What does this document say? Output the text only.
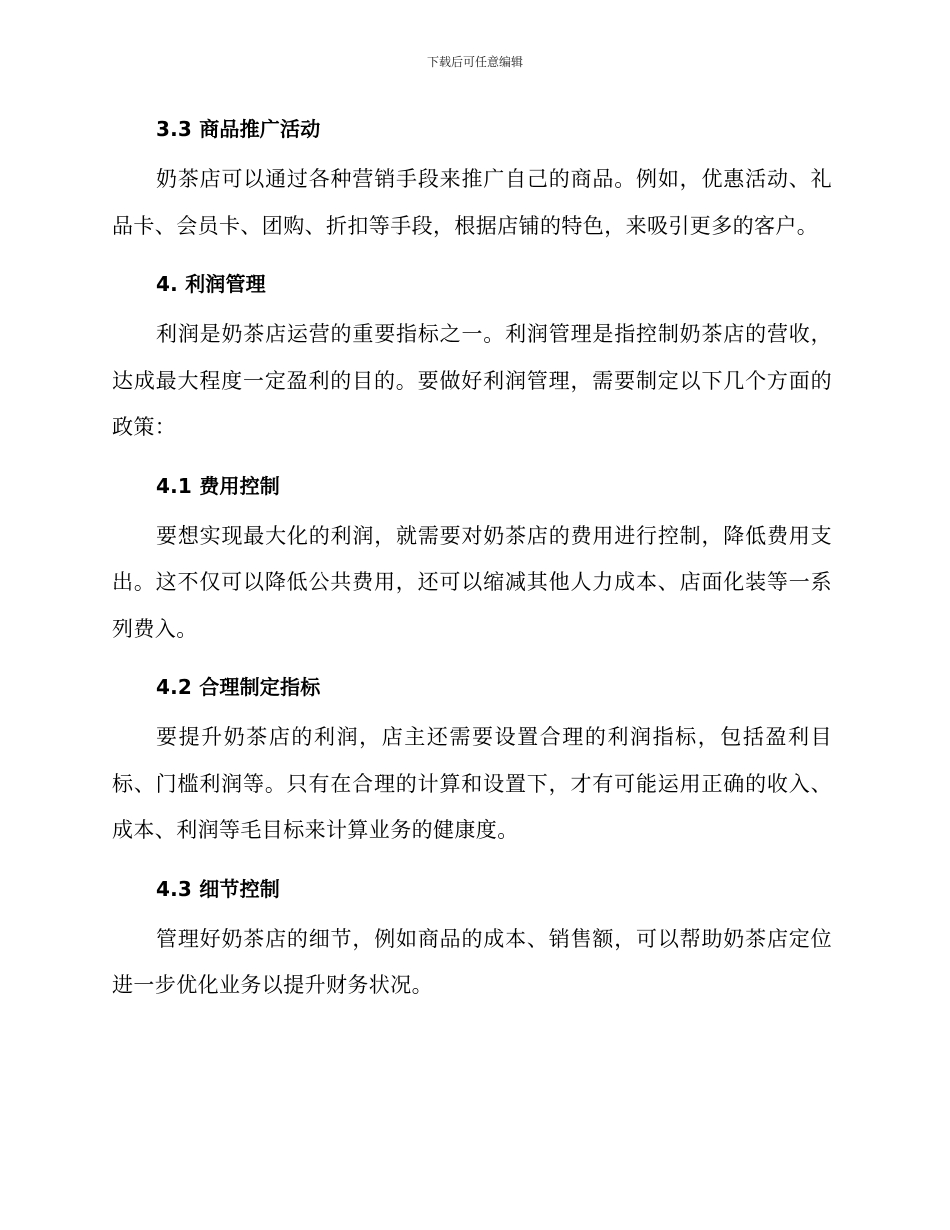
下载后可任意编辑
3.3 商品推广活动

奶茶店可以通过各种营销手段来推广自己的商品。例如，优惠活动、礼品卡、会员卡、团购、折扣等手段，根据店铺的特色，来吸引更多的客户。

4. 利润管理

利润是奶茶店运营的重要指标之一。利润管理是指控制奶茶店的营收，达成最大程度一定盈利的目的。要做好利润管理，需要制定以下几个方面的政策：

4.1 费用控制

要想实现最大化的利润，就需要对奶茶店的费用进行控制，降低费用支出。这不仅可以降低公共费用，还可以缩减其他人力成本、店面化装等一系列费入。

4.2 合理制定指标

要提升奶茶店的利润，店主还需要设置合理的利润指标，包括盈利目标、门槛利润等。只有在合理的计算和设置下，才有可能运用正确的收入、成本、利润等毛目标来计算业务的健康度。

4.3 细节控制

管理好奶茶店的细节，例如商品的成本、销售额，可以帮助奶茶店定位进一步优化业务以提升财务状况。
